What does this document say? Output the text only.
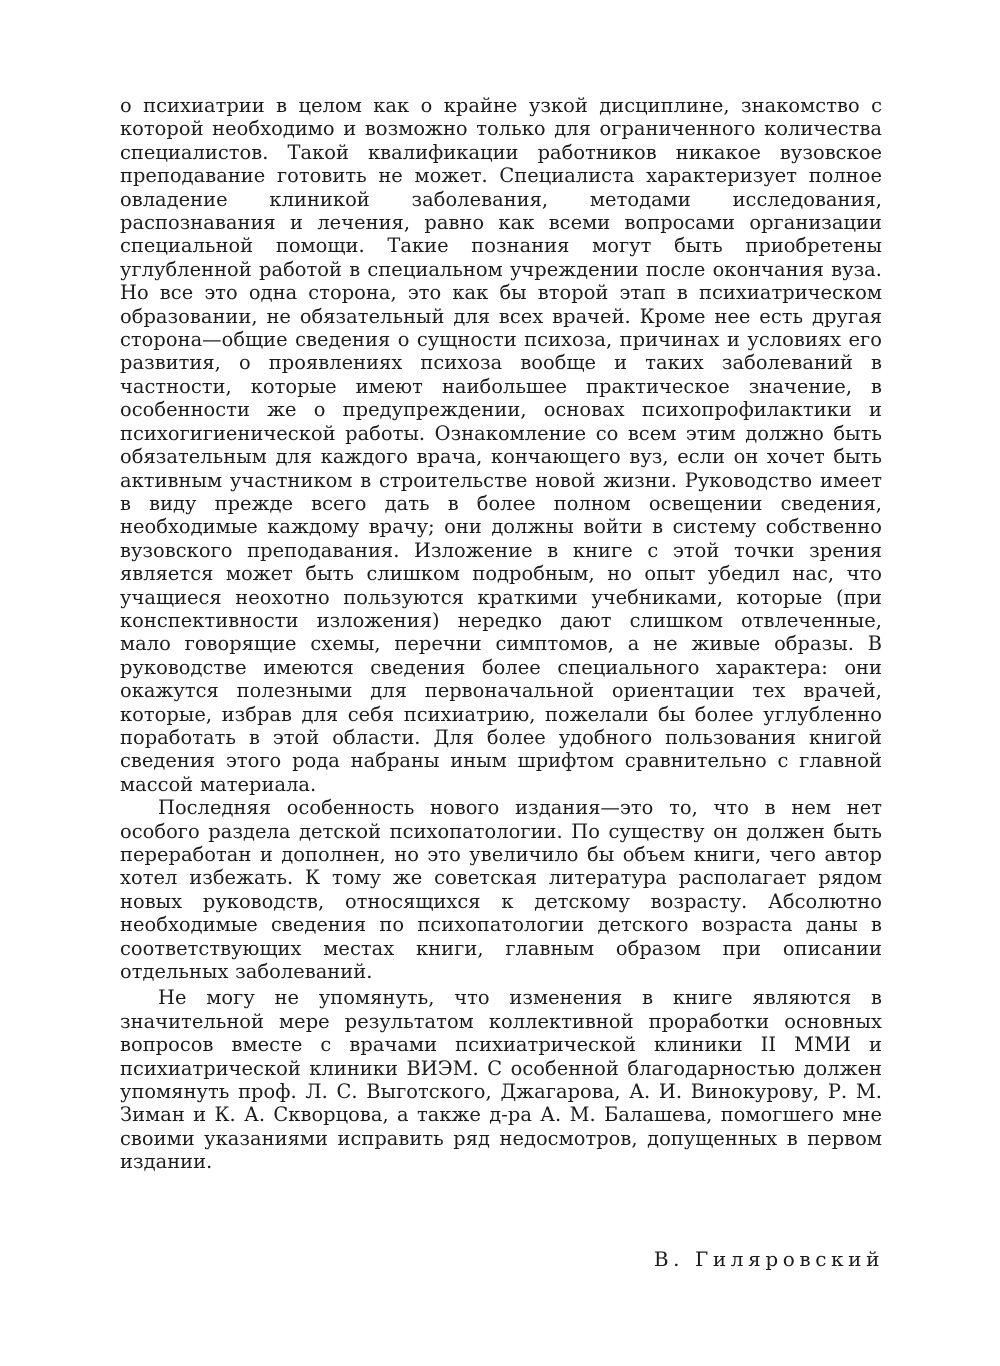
о психиатрии в целом как о крайне узкой дисциплине, знакомство с которой необходимо и возможно только для ограниченного количества специалистов. Такой квалификации работников никакое вузовское преподавание готовить не может. Специалиста характеризует полное овладение клиникой заболевания, методами исследования, распознавания и лечения, равно как всеми вопросами организации специальной помощи. Такие познания могут быть приобретены углубленной работой в специальном учреждении после окончания вуза. Но все это одна сторона, это как бы второй этап в психиатрическом образовании, не обязательный для всех врачей. Кроме нее есть другая сторона—общие сведения о сущности психоза, причинах и условиях его развития, о проявлениях психоза вообще и таких заболеваний в частности, которые имеют наибольшее практическое значение, в особенности же о предупреждении, основах психопрофилактики и психогигиенической работы. Ознакомление со всем этим должно быть обязательным для каждого врача, кончающего вуз, если он хочет быть активным участником в строительстве новой жизни. Руководство имеет в виду прежде всего дать в более полном освещении сведения, необходимые каждому врачу; они должны войти в систему собственно вузовского преподавания. Изложение в книге с этой точки зрения является может быть слишком подробным, но опыт убедил нас, что учащиеся неохотно пользуются краткими учебниками, которые (при конспективности изложения) нередко дают слишком отвлеченные, мало говорящие схемы, перечни симптомов, а не живые образы. В руководстве имеются сведения более специального характера: они окажутся полезными для первоначальной ориентации тех врачей, которые, избрав для себя психиатрию, пожелали бы более углубленно поработать в этой области. Для более удобного пользования книгой сведения этого рода набраны иным шрифтом сравнительно с главной массой материала.

Последняя особенность нового издания—это то, что в нем нет особого раздела детской психопатологии. По существу он должен быть переработан и дополнен, но это увеличило бы объем книги, чего автор хотел избежать. К тому же советская литература располагает рядом новых руководств, относящихся к детскому возрасту. Абсолютно необходимые сведения по психопатологии детского возраста даны в соответствующих местах книги, главным образом при описании отдельных заболеваний.

Не могу не упомянуть, что изменения в книге являются в значительной мере результатом коллективной проработки основных вопросов вместе с врачами психиатрической клиники II ММИ и психиатрической клиники ВИЭМ. С особенной благодарностью должен упомянуть проф. Л. С. Выготского, Джагарова, А. И. Винокурову, Р. М. Зиман и К. А. Скворцова, а также д-ра А. М. Балашева, помогшего мне своими указаниями исправить ряд недосмотров, допущенных в первом издании.

В. Гиляровский
